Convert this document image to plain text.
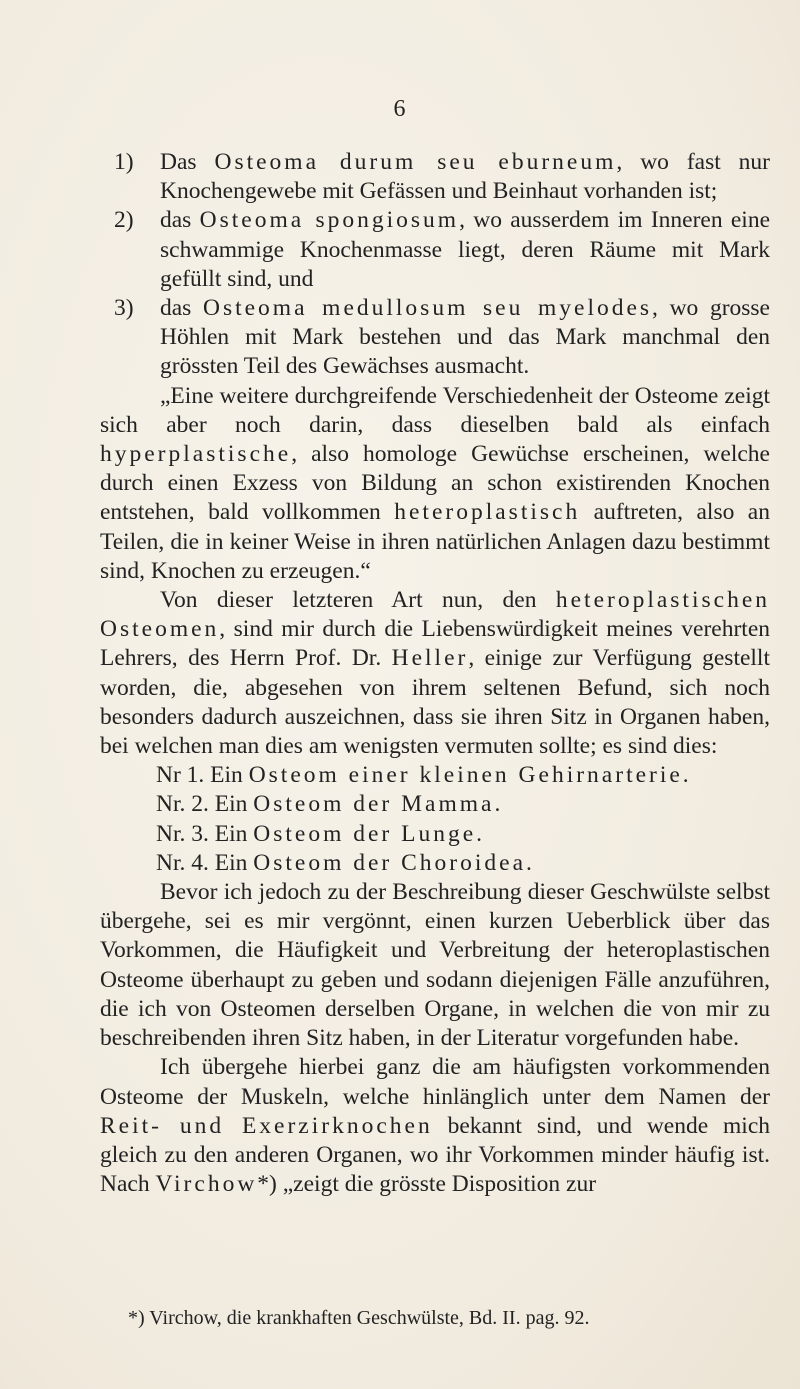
6
1) Das Osteoma durum seu eburneum, wo fast nur Knochengewebe mit Gefässen und Beinhaut vorhanden ist;
2) das Osteoma spongiosum, wo ausserdem im Inneren eine schwammige Knochenmasse liegt, deren Räume mit Mark gefüllt sind, und
3) das Osteoma medullosum seu myelodes, wo grosse Höhlen mit Mark bestehen und das Mark manchmal den grössten Teil des Gewächses ausmacht.

„Eine weitere durchgreifende Verschiedenheit der Osteome zeigt sich aber noch darin, dass dieselben bald als einfach hyperplastische, also homologe Gewüchse erscheinen, welche durch einen Exzess von Bildung an schon existirenden Knochen entstehen, bald vollkommen heteroplastisch auftreten, also an Teilen, die in keiner Weise in ihren natürlichen Anlagen dazu bestimmt sind, Knochen zu erzeugen.“

Von dieser letzteren Art nun, den heteroplastischen Osteomen, sind mir durch die Liebenswürdigkeit meines verehrten Lehrers, des Herrn Prof. Dr. Heller, einige zur Verfügung gestellt worden, die, abgesehen von ihrem seltenen Befund, sich noch besonders dadurch auszeichnen, dass sie ihren Sitz in Organen haben, bei welchen man dies am wenigsten vermuten sollte; es sind dies:

Nr 1. Ein Osteom einer kleinen Gehirnarterie.
Nr. 2. Ein Osteom der Mamma.
Nr. 3. Ein Osteom der Lunge.
Nr. 4. Ein Osteom der Choroidea.

Bevor ich jedoch zu der Beschreibung dieser Geschwülste selbst übergehe, sei es mir vergönnt, einen kurzen Ueberblick über das Vorkommen, die Häufigkeit und Verbreitung der heteroplastischen Osteome überhaupt zu geben und sodann diejenigen Fälle anzuführen, die ich von Osteomen derselben Organe, in welchen die von mir zu beschreibenden ihren Sitz haben, in der Literatur vorgefunden habe.

Ich übergehe hierbei ganz die am häufigsten vorkommenden Osteome der Muskeln, welche hinlänglich unter dem Namen der Reit- und Exerzirknochen bekannt sind, und wende mich gleich zu den anderen Organen, wo ihr Vorkommen minder häufig ist. Nach Virchow*) „zeigt die grösste Disposition zur

*) Virchow, die krankhaften Geschwülste, Bd. II. pag. 92.
